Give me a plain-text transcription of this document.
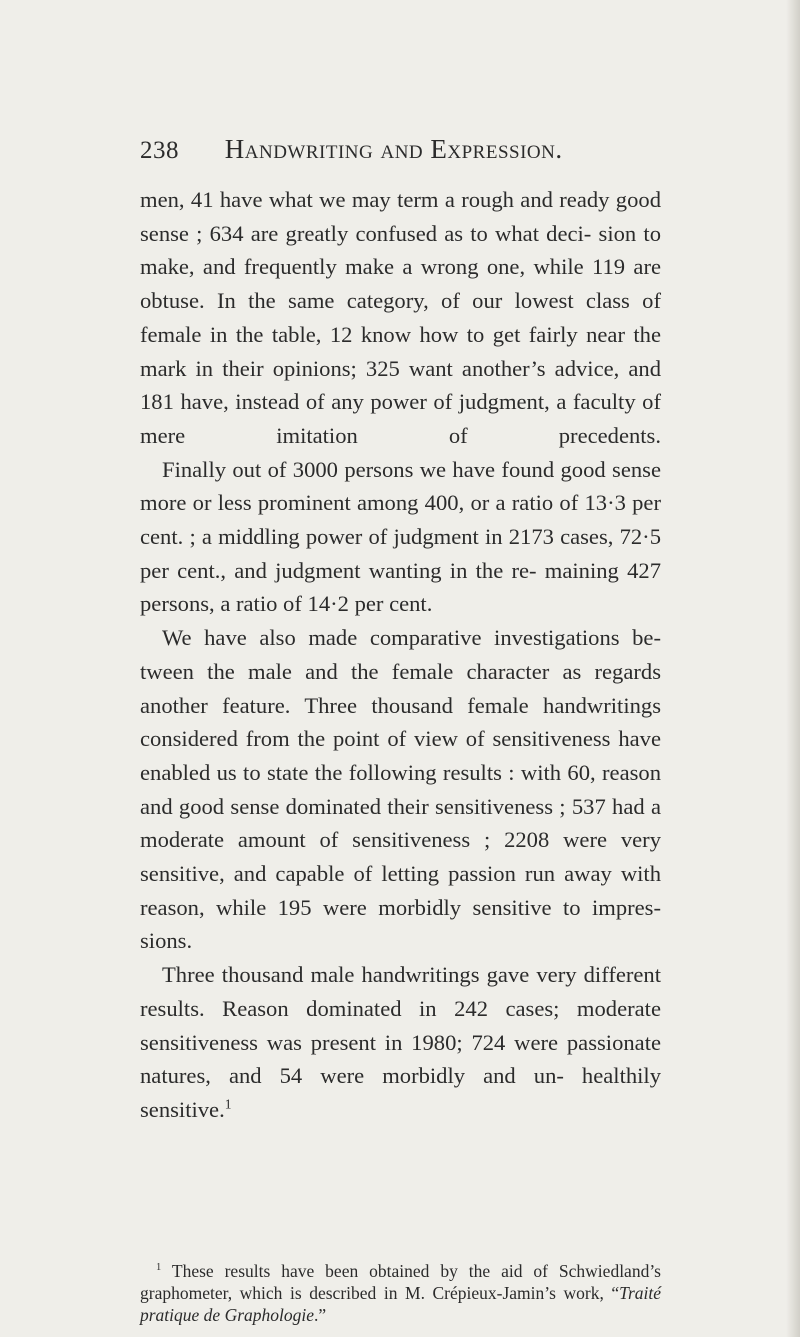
238 Handwriting and Expression.

men, 41 have what we may term a rough and ready good sense ; 634 are greatly confused as to what deci- sion to make, and frequently make a wrong one, while 119 are obtuse. In the same category, of our lowest class of female in the table, 12 know how to get fairly near the mark in their opinions; 325 want another’s advice, and 181 have, instead of any power of judgment, a faculty of mere imitation of precedents.

Finally out of 3000 persons we have found good sense more or less prominent among 400, or a ratio of 13·3 per cent. ; a middling power of judgment in 2173 cases, 72·5 per cent., and judgment wanting in the re- maining 427 persons, a ratio of 14·2 per cent.

We have also made comparative investigations be- tween the male and the female character as regards another feature. Three thousand female handwritings considered from the point of view of sensitiveness have enabled us to state the following results : with 60, reason and good sense dominated their sensitiveness ; 537 had a moderate amount of sensitiveness ; 2208 were very sensitive, and capable of letting passion run away with reason, while 195 were morbidly sensitive to impres- sions.

Three thousand male handwritings gave very different results. Reason dominated in 242 cases; moderate sensitiveness was present in 1980; 724 were passionate natures, and 54 were morbidly and un- healthily sensitive.$^1$

$^1$ These results have been obtained by the aid of Schwiedland’s graphometer, which is described in M. Crépieux-Jamin’s work, “Traité pratique de Graphologie.”
